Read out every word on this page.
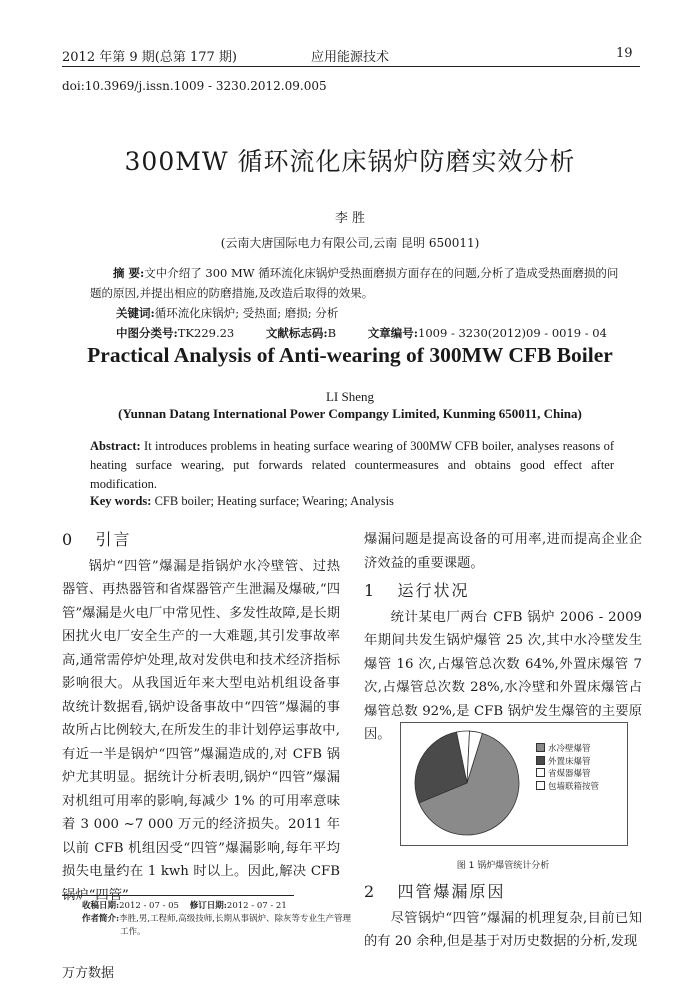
2012 年第 9 期(总第 177 期)	应用能源技术	19
doi:10.3969/j.issn.1009 - 3230.2012.09.005
300MW 循环流化床锅炉防磨实效分析
李 胜
(云南大唐国际电力有限公司,云南 昆明 650011)
摘 要:文中介绍了 300 MW 循环流化床锅炉受热面磨损方面存在的问题,分析了造成受热面磨损的问题的原因,并提出相应的防磨措施,及改造后取得的效果。
关键词:循环流化床锅炉; 受热面; 磨损; 分析
中图分类号:TK229.23	文献标志码:B	文章编号:1009 - 3230(2012)09 - 0019 - 04
Practical Analysis of Anti-wearing of 300MW CFB Boiler
LI Sheng
(Yunnan Datang International Power Compangy Limited, Kunming 650011, China)
Abstract: It introduces problems in heating surface wearing of 300MW CFB boiler, analyses reasons of heating surface wearing, put forwards related countermeasures and obtains good effect after modification.
Key words: CFB boiler; Heating surface; Wearing; Analysis
0 引言

锅炉“四管”爆漏是指锅炉水冷壁管、过热器管、再热器管和省煤器管产生泄漏及爆破,“四管”爆漏是火电厂中常见性、多发性故障,是长期困扰火电厂安全生产的一大难题,其引发事故率高,通常需停炉处理,故对发供电和技术经济指标影响很大。从我国近年来大型电站机组设备事故统计数据看,锅炉设备事故中“四管”爆漏的事故所占比例较大,在所发生的非计划停运事故中,有近一半是锅炉“四管”爆漏造成的,对 CFB 锅炉尤其明显。据统计分析表明,锅炉“四管”爆漏对机组可用率的影响,每减少 1% 的可用率意味着 3 000 ~7 000 万元的经济损失。2011 年以前 CFB 机组因受“四管”爆漏影响,每年平均损失电量约在 1 kwh 时以上。因此,解决 CFB 锅炉“四管”

爆漏问题是提高设备的可用率,进而提高企业企济效益的重要课题。

1 运行状况

统计某电厂两台 CFB 锅炉 2006 - 2009 年期间共发生锅炉爆管 25 次,其中水冷壁发生爆管 16 次,占爆管总次数 64%,外置床爆管 7 次,占爆管总次数 28%,水冷壁和外置床爆管占爆管总数 92%,是 CFB 锅炉发生爆管的主要原因。

水冷壁爆管
外置床爆管
省煤器爆管
包墙联箱按管
图 1 锅炉爆管统计分析
2 四管爆漏原因

尽管锅炉“四管”爆漏的机理复杂,目前已知的有 20 余种,但是基于对历史数据的分析,发现

收稿日期:2012 - 07 - 05 修订日期:2012 - 07 - 21
作者简介:李胜,男,工程师,高级技师,长期从事锅炉、除灰等专业生产管理工作。
万方数据
